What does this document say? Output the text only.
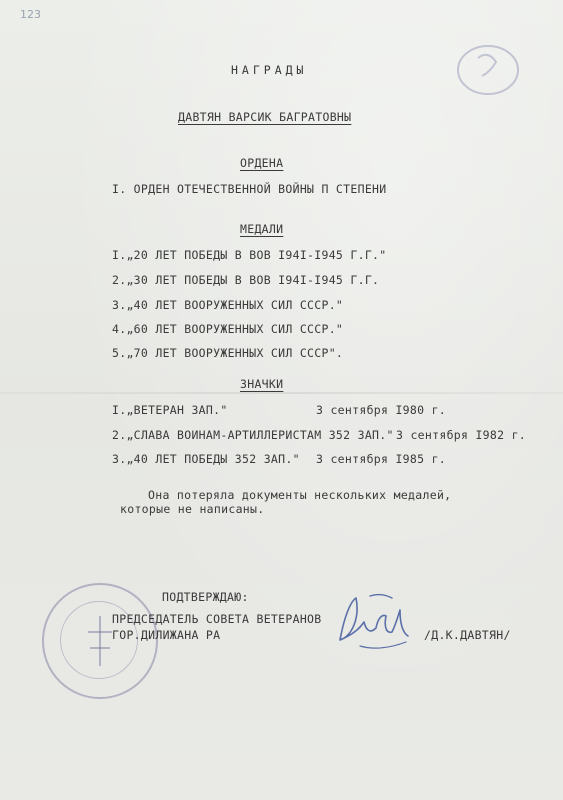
123

НАГРАДЫ
ДАВТЯН ВАРСИК БАГРАТОВНЫ
ОРДЕНА
I. ОРДЕН ОТЕЧЕСТВЕННОЙ ВОЙНЫ П СТЕПЕНИ
МЕДАЛИ
I.„20 ЛЕТ ПОБЕДЫ В ВОВ I94I-I945 Г.Г."
2.„30 ЛЕТ ПОБЕДЫ В ВОВ I94I-I945 Г.Г.
3.„40 ЛЕТ ВООРУЖЕННЫХ СИЛ СССР."
4.„60 ЛЕТ ВООРУЖЕННЫХ СИЛ СССР."
5.„70 ЛЕТ ВООРУЖЕННЫХ СИЛ СССР".
ЗНАЧКИ
I.„ВЕТЕРАН ЗАП."	3 сентября I980 г.
2.„СЛАВА ВОИНАМ-АРТИЛЛЕРИСТАМ 352 ЗАП." 3 сентября I982 г.
3.„40 ЛЕТ ПОБЕДЫ 352 ЗАП." 3 сентября I985 г.
Она потеряла документы нескольких медалей,
которые не написаны.
ПОДТВЕРЖДАЮ:
ПРЕДСЕДАТЕЛЬ СОВЕТА ВЕТЕРАНОВ
ГОР.ДИЛИЖАНА РА	/Д.К.ДАВТЯН/
